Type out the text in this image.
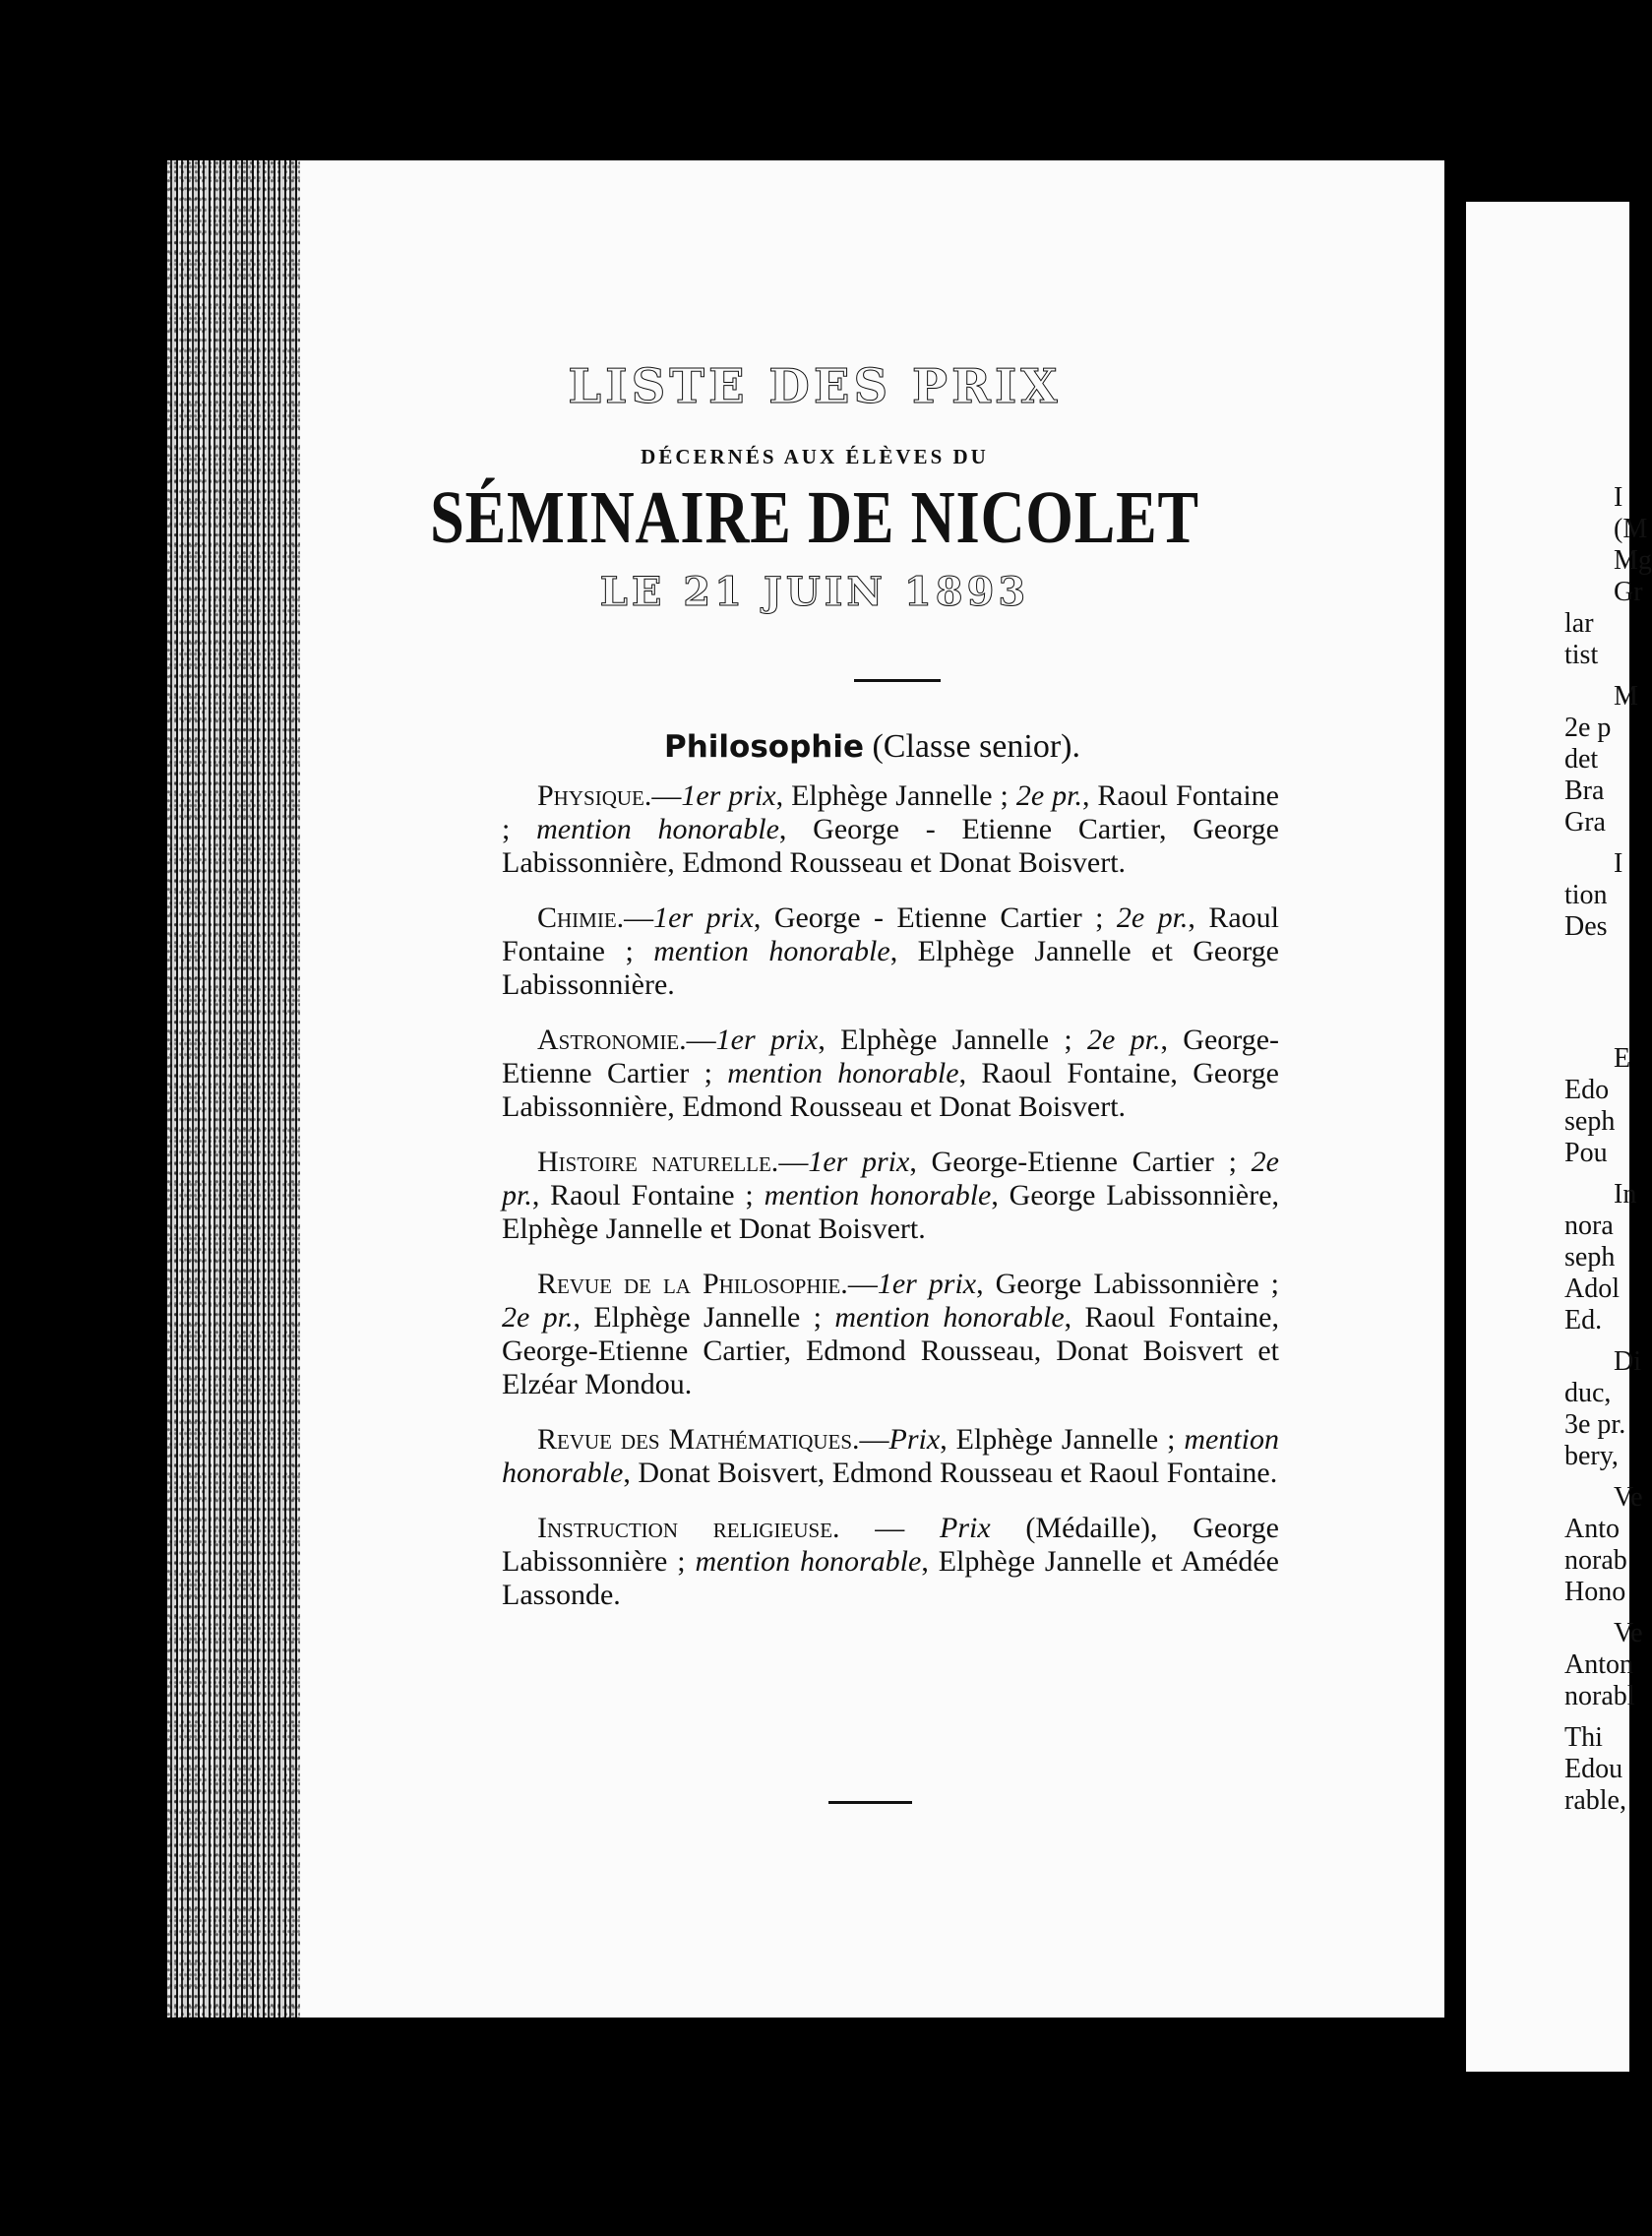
LISTE DES PRIX
DÉCERNÉS AUX ÉLÈVES DU
SÉMINAIRE DE NICOLET
LE 21 JUIN 1893
Philosophie (Classe senior).

Physique.—1er prix, Elphège Jannelle ; 2e pr., Raoul Fontaine ; mention honorable, George - Etienne Cartier, George Labissonnière, Edmond Rousseau et Donat Boisvert.

Chimie.—1er prix, George - Etienne Cartier ; 2e pr., Raoul Fontaine ; mention honorable, Elphège Jannelle et George Labissonnière.

Astronomie.—1er prix, Elphège Jannelle ; 2e pr., George-Etienne Cartier ; mention honorable, Raoul Fontaine, George Labissonnière, Edmond Rousseau et Donat Boisvert.

Histoire naturelle.—1er prix, George-Etienne Cartier ; 2e pr., Raoul Fontaine ; mention honorable, George Labissonnière, Elphège Jannelle et Donat Boisvert.

Revue de la Philosophie.—1er prix, George Labissonnière ; 2e pr., Elphège Jannelle ; mention honorable, Raoul Fontaine, George-Etienne Cartier, Edmond Rousseau, Donat Boisvert et Elzéar Mondou.

Revue des Mathématiques.—Prix, Elphège Jannelle ; mention honorable, Donat Boisvert, Edmond Rousseau et Raoul Fontaine.

Instruction religieuse. — Prix (Médaille), George Labissonnière ; mention honorable, Elphège Jannelle et Amédée Lassonde.

I
(M
Mg
Gr
lar
tist
M
2e p
det
Bra
Gra
I
tion
Des
E
Edo
seph
Pou
In
nora
seph
Adol
Ed.
Di
duc,
3e pr.
bery,
Ve
Anto
norab
Hono
Ve
Anton
norabl
Thi
Edou
rable,
